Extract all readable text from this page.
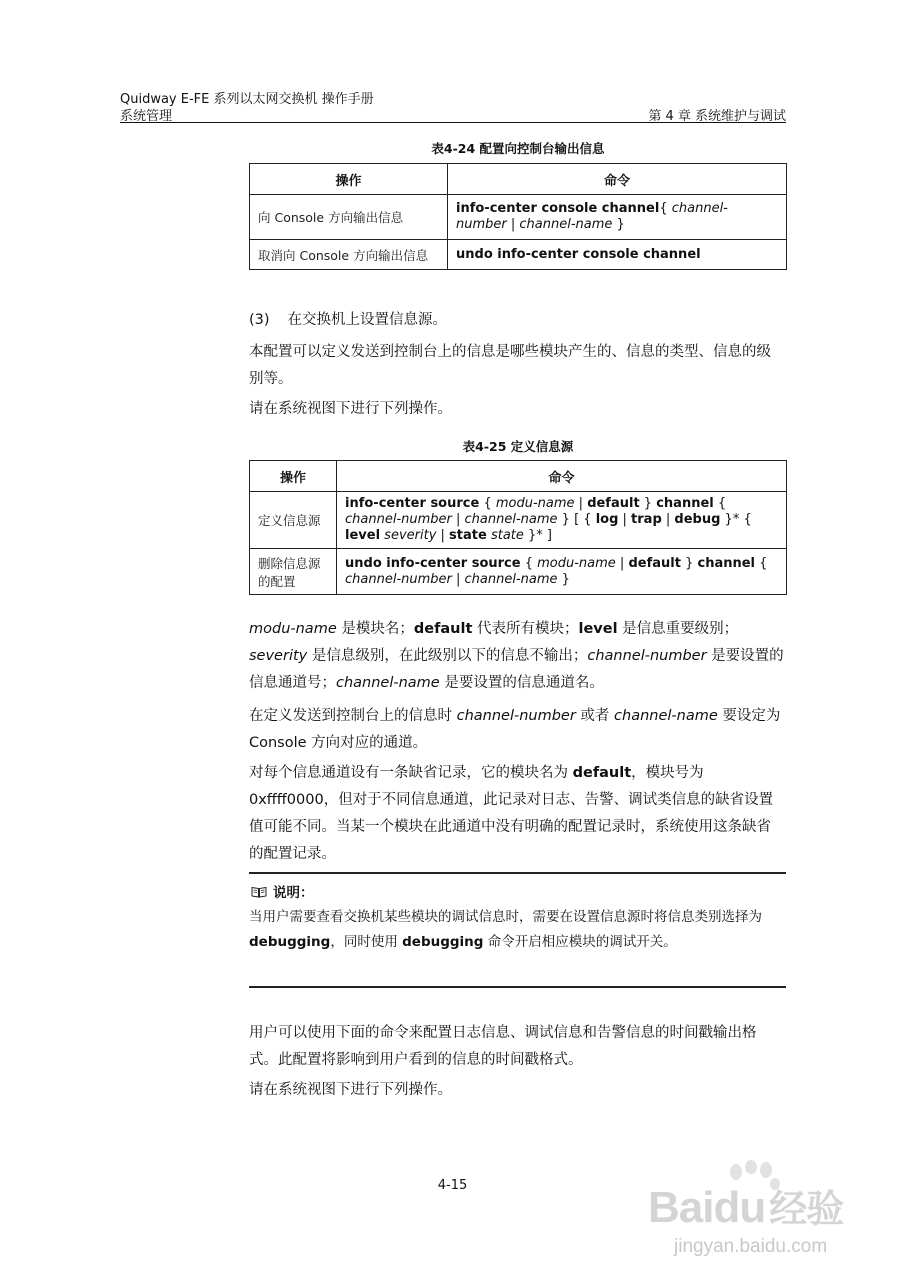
Quidway E-FE 系列以太网交换机 操作手册
系统管理	第 4 章 系统维护与调试
表4-24 配置向控制台输出信息
操作	命令
向 Console 方向输出信息	info-center console channel{ channel-number | channel-name }
取消向 Console 方向输出信息	undo info-center console channel
(3) 在交换机上设置信息源。
本配置可以定义发送到控制台上的信息是哪些模块产生的、信息的类型、信息的级别等。
请在系统视图下进行下列操作。
表4-25 定义信息源
操作	命令
定义信息源	info-center source { modu-name | default } channel { channel-number | channel-name } [ { log | trap | debug }* { level severity | state state }* ]
删除信息源的配置	undo info-center source { modu-name | default } channel { channel-number | channel-name }
modu-name 是模块名；default 代表所有模块；level 是信息重要级别；severity 是信息级别，在此级别以下的信息不输出；channel-number 是要设置的信息通道号；channel-name 是要设置的信息通道名。
在定义发送到控制台上的信息时 channel-number 或者 channel-name 要设定为 Console 方向对应的通道。
对每个信息通道设有一条缺省记录，它的模块名为 default，模块号为 0xffff0000，但对于不同信息通道，此记录对日志、告警、调试类信息的缺省设置值可能不同。当某一个模块在此通道中没有明确的配置记录时，系统使用这条缺省的配置记录。
说明：
当用户需要查看交换机某些模块的调试信息时，需要在设置信息源时将信息类别选择为 debugging，同时使用 debugging 命令开启相应模块的调试开关。
用户可以使用下面的命令来配置日志信息、调试信息和告警信息的时间戳输出格式。此配置将影响到用户看到的信息的时间戳格式。
请在系统视图下进行下列操作。
4-15	Baidu 经验
jingyan.baidu.com
